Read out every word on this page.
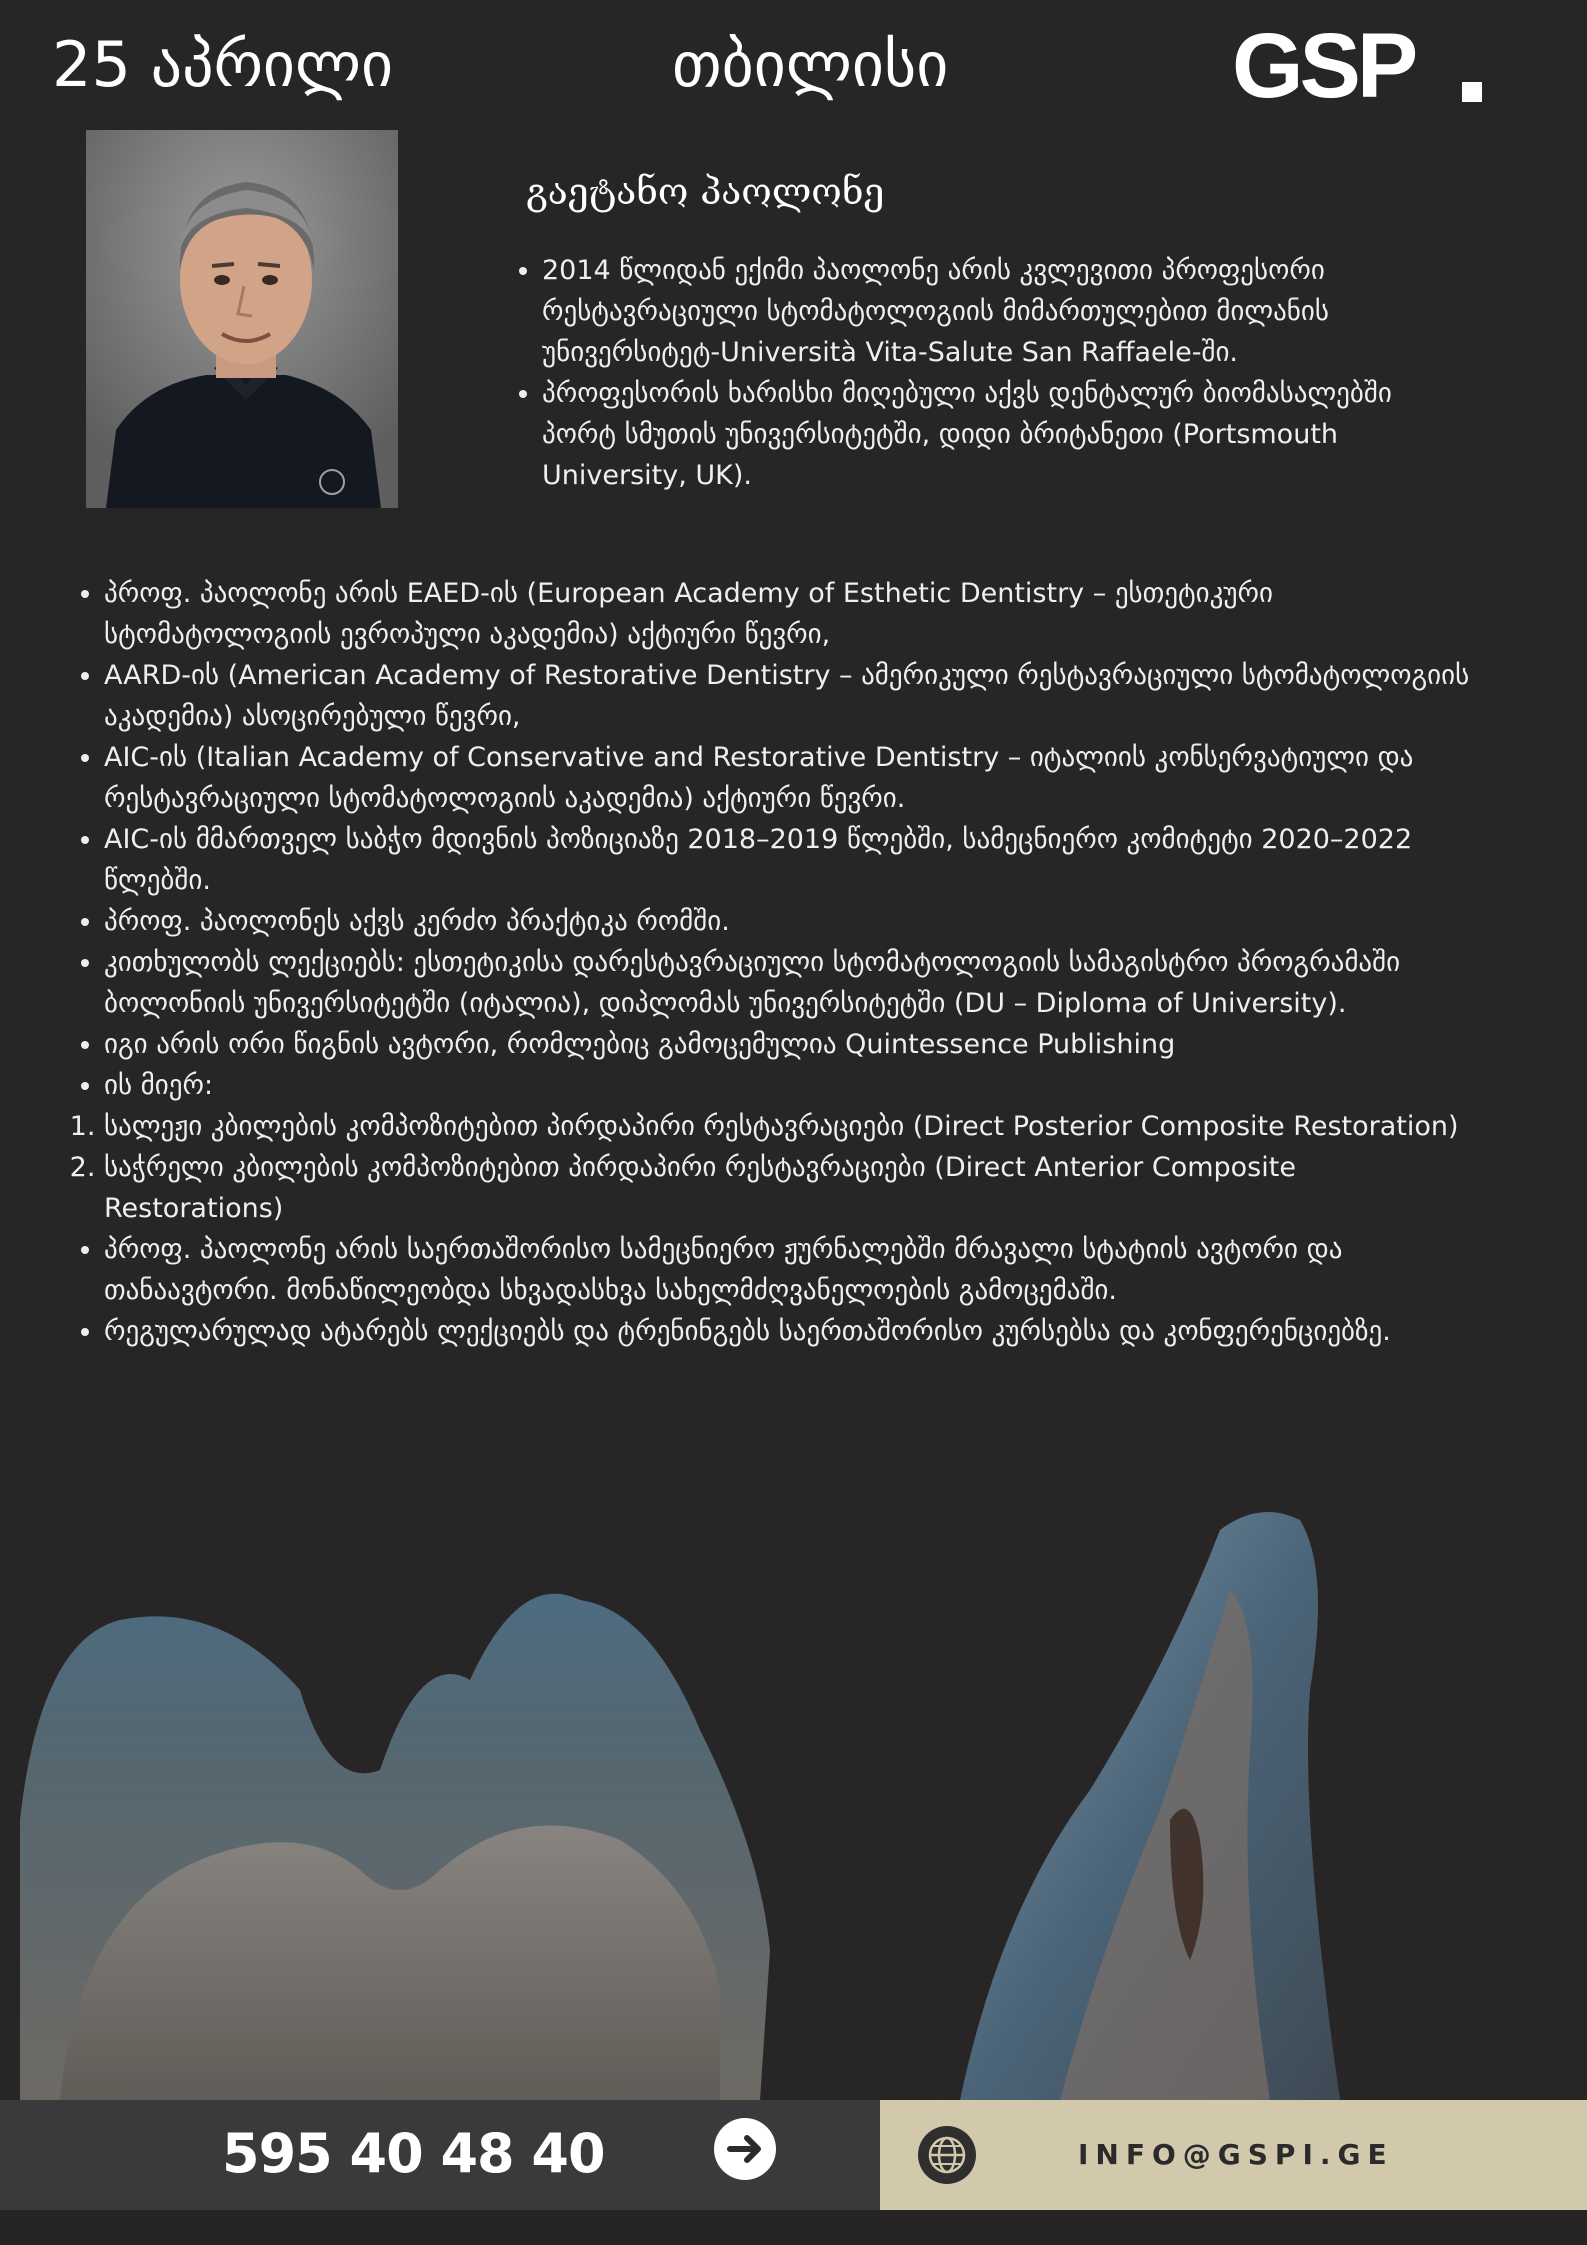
25 აპრილი	თბილისი	GSP
გაეტანო პაოლონე
• 2014 წლიდან ექიმი პაოლონე არის კვლევითი პროფესორი რესტავრაციული სტომატოლოგიის მიმართულებით მილანის უნივერსიტეტ-Università Vita-Salute San Raffaele-ში.
• პროფესორის ხარისხი მიღებული აქვს დენტალურ ბიომასალებში პორტ სმუთის უნივერსიტეტში, დიდი ბრიტანეთი (Portsmouth University, UK).
• პროფ. პაოლონე არის EAED-ის (European Academy of Esthetic Dentistry – ესთეტიკური სტომატოლოგიის ევროპული აკადემია) აქტიური წევრი,
• AARD-ის (American Academy of Restorative Dentistry – ამერიკული რესტავრაციული სტომატოლოგიის აკადემია) ასოცირებული წევრი,
• AIC-ის (Italian Academy of Conservative and Restorative Dentistry – იტალიის კონსერვატიული და რესტავრაციული სტომატოლოგიის აკადემია) აქტიური წევრი.
• AIC-ის მმართველ საბჭო მდივნის პოზიციაზე 2018–2019 წლებში, სამეცნიერო კომიტეტი 2020–2022 წლებში.
• პროფ. პაოლონეს აქვს კერძო პრაქტიკა რომში.
• კითხულობს ლექციებს: ესთეტიკისა დარესტავრაციული სტომატოლოგიის სამაგისტრო პროგრამაში ბოლონიის უნივერსიტეტში (იტალია), დიპლომას უნივერსიტეტში (DU – Diploma of University).
• იგი არის ორი წიგნის ავტორი, რომლებიც გამოცემულია Quintessence Publishing
• ის მიერ:
1. სალეჟი კბილების კომპოზიტებით პირდაპირი რესტავრაციები (Direct Posterior Composite Restoration)
2. საჭრელი კბილების კომპოზიტებით პირდაპირი რესტავრაციები (Direct Anterior Composite Restorations)
• პროფ. პაოლონე არის საერთაშორისო სამეცნიერო ჟურნალებში მრავალი სტატიის ავტორი და თანაავტორი. მონაწილეობდა სხვადასხვა სახელმძღვანელოების გამოცემაში.
• რეგულარულად ატარებს ლექციებს და ტრენინგებს საერთაშორისო კურსებსა და კონფერენციებზე.
595 40 48 40	INFO@GSPI.GE
